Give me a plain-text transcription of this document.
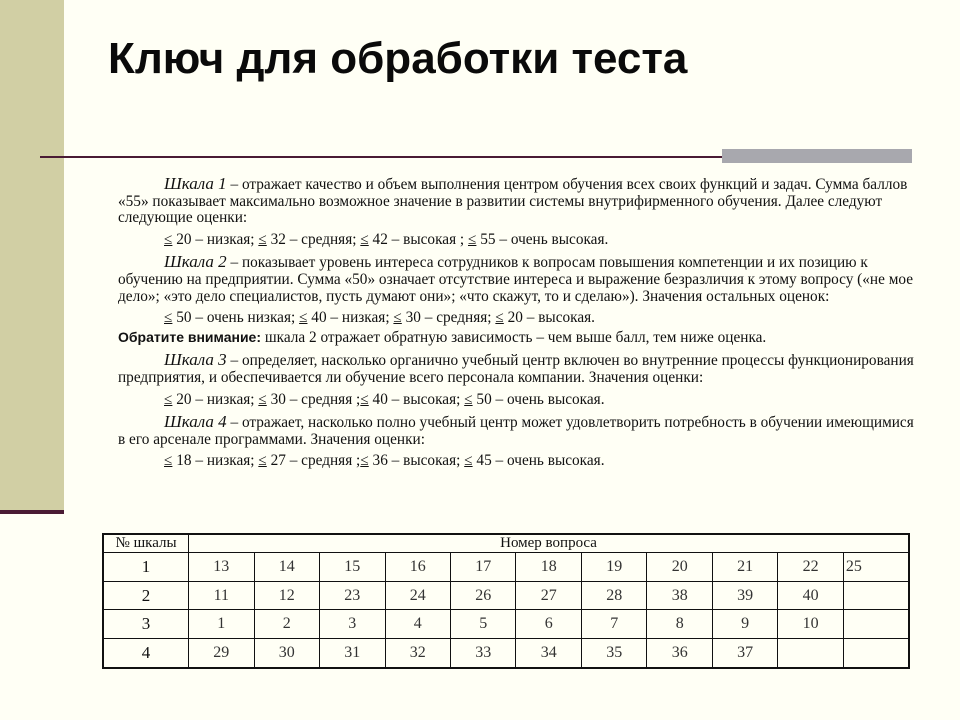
Ключ для обработки теста

Шкала 1 – отражает качество и объем выполнения центром обучения всех своих функций и задач. Сумма баллов «55» показывает максимально возможное значение в развитии системы внутрифирменного обучения. Далее следуют следующие оценки:

≤ 20 – низкая; ≤ 32 – средняя; ≤ 42 – высокая ; ≤ 55 – очень высокая.

Шкала 2 – показывает уровень интереса сотрудников к вопросам повышения компетенции и их позицию к обучению на предприятии. Сумма «50» означает отсутствие интереса и выражение безразличия к этому вопросу («не мое дело»; «это дело специалистов, пусть думают они»; «что скажут, то и сделаю»). Значения остальных оценок:

≤ 50 – очень низкая; ≤ 40 – низкая; ≤ 30 – средняя; ≤ 20 – высокая.

Обратите внимание: шкала 2 отражает обратную зависимость – чем выше балл, тем ниже оценка.

Шкала 3 – определяет, насколько органично учебный центр включен во внутренние процессы функционирования предприятия, и обеспечивается ли обучение всего персонала компании. Значения оценки:

≤ 20 – низкая; ≤ 30 – средняя ;≤ 40 – высокая; ≤ 50 – очень высокая.

Шкала 4 – отражает, насколько полно учебный центр может удовлетворить потребность в обучении имеющимися в его арсенале программами. Значения оценки:

≤ 18 – низкая; ≤ 27 – средняя ;≤ 36 – высокая; ≤ 45 – очень высокая.

№ шкалы	Номер вопроса										
1	13	14	15	16	17	18	19	20	21	22	25
2	11	12	23	24	26	27	28	38	39	40	
3	1	2	3	4	5	6	7	8	9	10	
4	29	30	31	32	33	34	35	36	37		
